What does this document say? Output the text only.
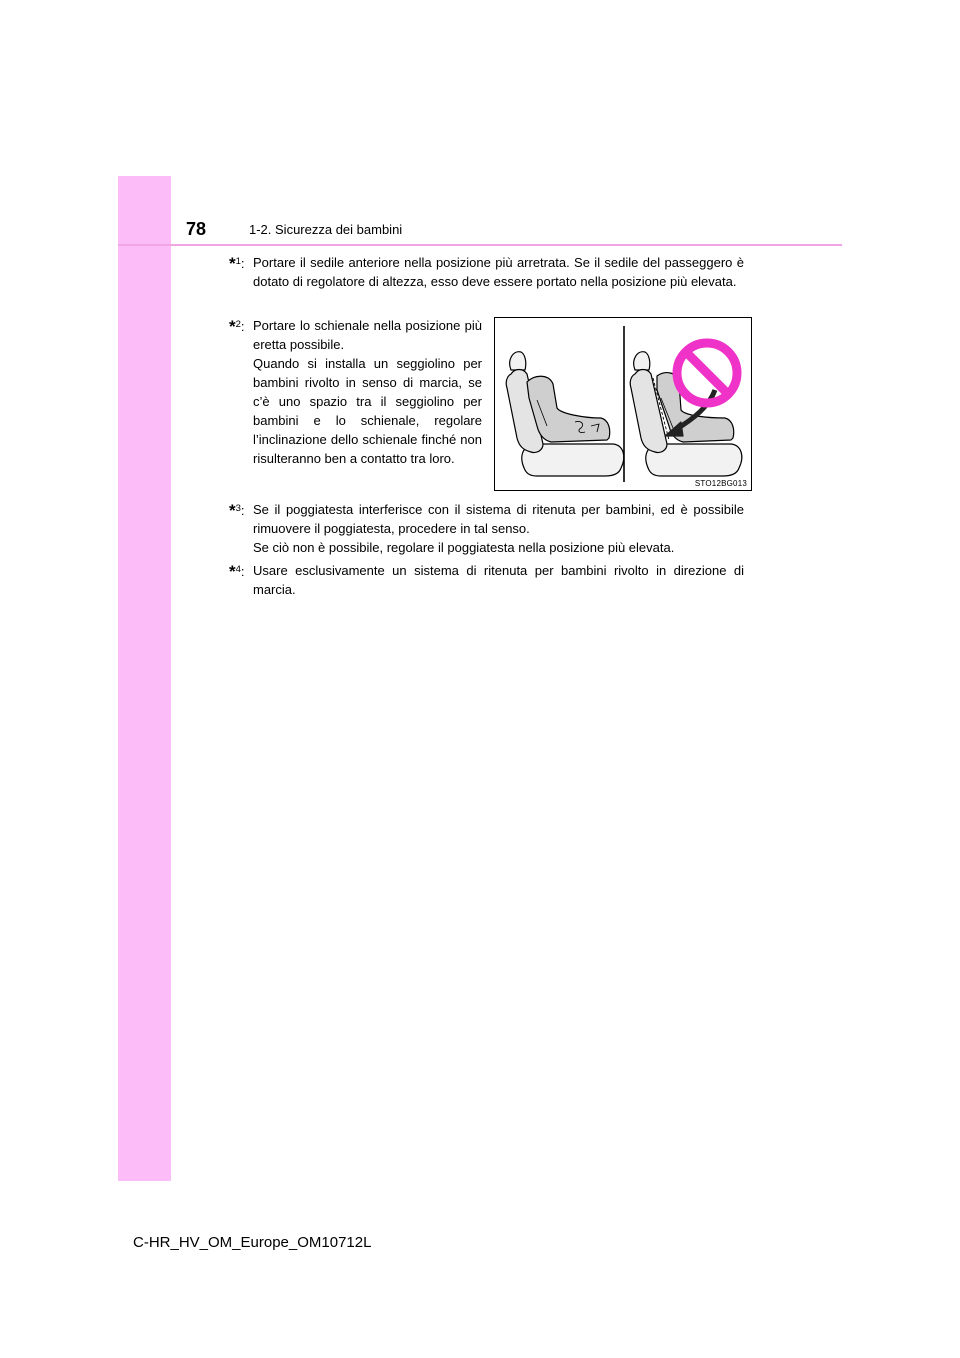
78	1-2. Sicurezza dei bambini
*$^1$: Portare il sedile anteriore nella posizione più arretrata. Se il sedile del passeggero è dotato di regolatore di altezza, esso deve essere portato nella posizione più elevata.

*$^2$: Portare lo schienale nella posizione più eretta possibile.

Quando si installa un seggiolino per bambini rivolto in senso di marcia, se c’è uno spazio tra il seggiolino per bambini e lo schienale, regolare l’inclinazione dello schienale finché non risulteranno ben a contatto tra loro.

STO12BG013
*$^3$: Se il poggiatesta interferisce con il sistema di ritenuta per bambini, ed è possibile rimuovere il poggiatesta, procedere in tal senso.

Se ciò non è possibile, regolare il poggiatesta nella posizione più elevata.

*$^4$: Usare esclusivamente un sistema di ritenuta per bambini rivolto in direzione di marcia.

C-HR_HV_OM_Europe_OM10712L
